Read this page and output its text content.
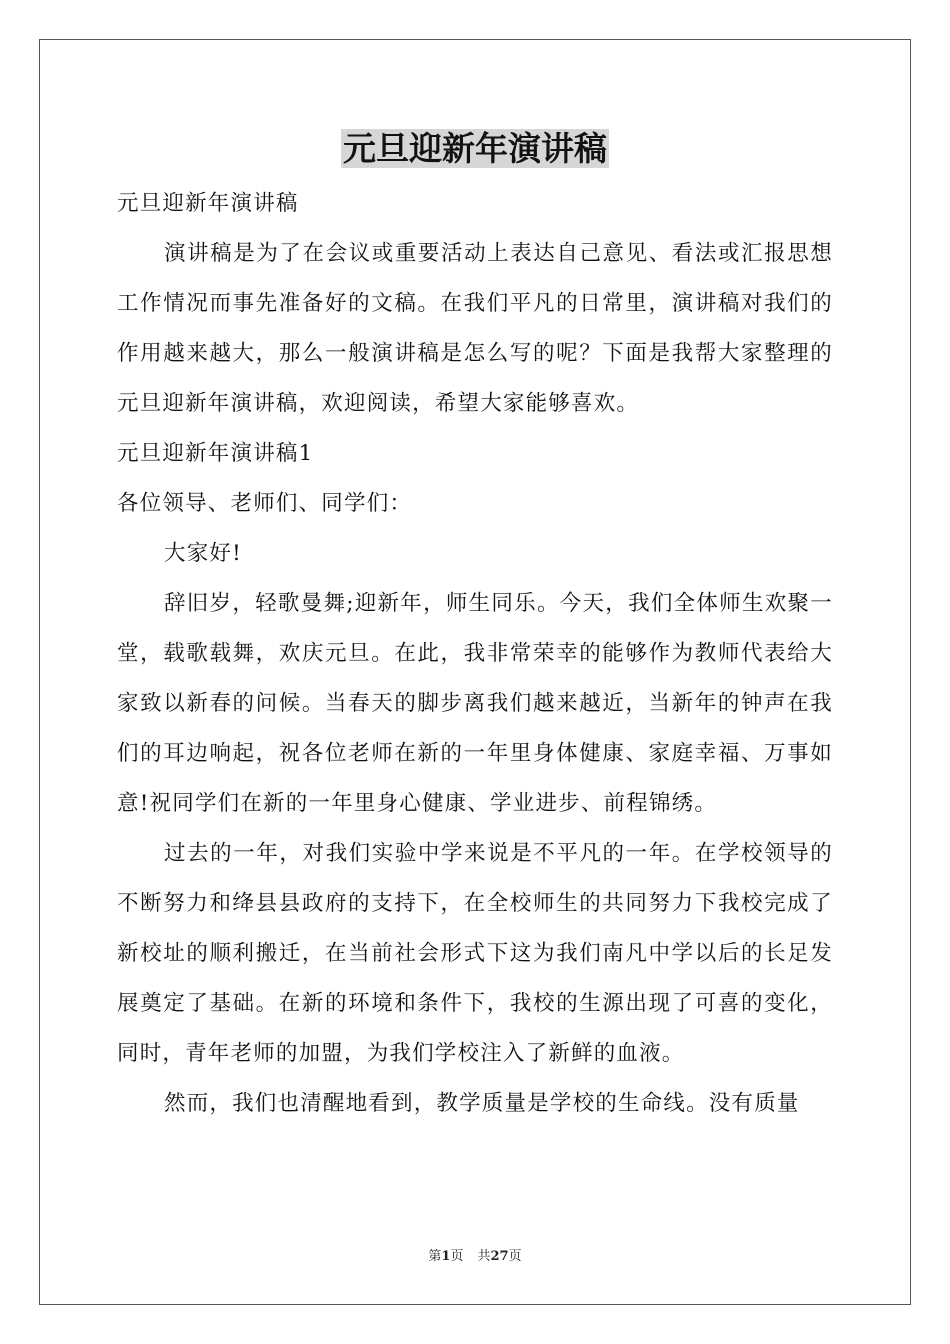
元旦迎新年演讲稿

元旦迎新年演讲稿

演讲稿是为了在会议或重要活动上表达自己意见、看法或汇报思想工作情况而事先准备好的文稿。在我们平凡的日常里，演讲稿对我们的作用越来越大，那么一般演讲稿是怎么写的呢？下面是我帮大家整理的元旦迎新年演讲稿，欢迎阅读，希望大家能够喜欢。

元旦迎新年演讲稿1

各位领导、老师们、同学们：

大家好!

辞旧岁，轻歌曼舞;迎新年，师生同乐。今天，我们全体师生欢聚一堂，载歌载舞，欢庆元旦。在此，我非常荣幸的能够作为教师代表给大家致以新春的问候。当春天的脚步离我们越来越近，当新年的钟声在我们的耳边响起，祝各位老师在新的一年里身体健康、家庭幸福、万事如意!祝同学们在新的一年里身心健康、学业进步、前程锦绣。

过去的一年，对我们实验中学来说是不平凡的一年。在学校领导的不断努力和绛县县政府的支持下，在全校师生的共同努力下我校完成了新校址的顺利搬迁，在当前社会形式下这为我们南凡中学以后的长足发展奠定了基础。在新的环境和条件下，我校的生源出现了可喜的变化，同时，青年老师的加盟，为我们学校注入了新鲜的血液。

然而，我们也清醒地看到，教学质量是学校的生命线。没有质量

第1页 共27页
